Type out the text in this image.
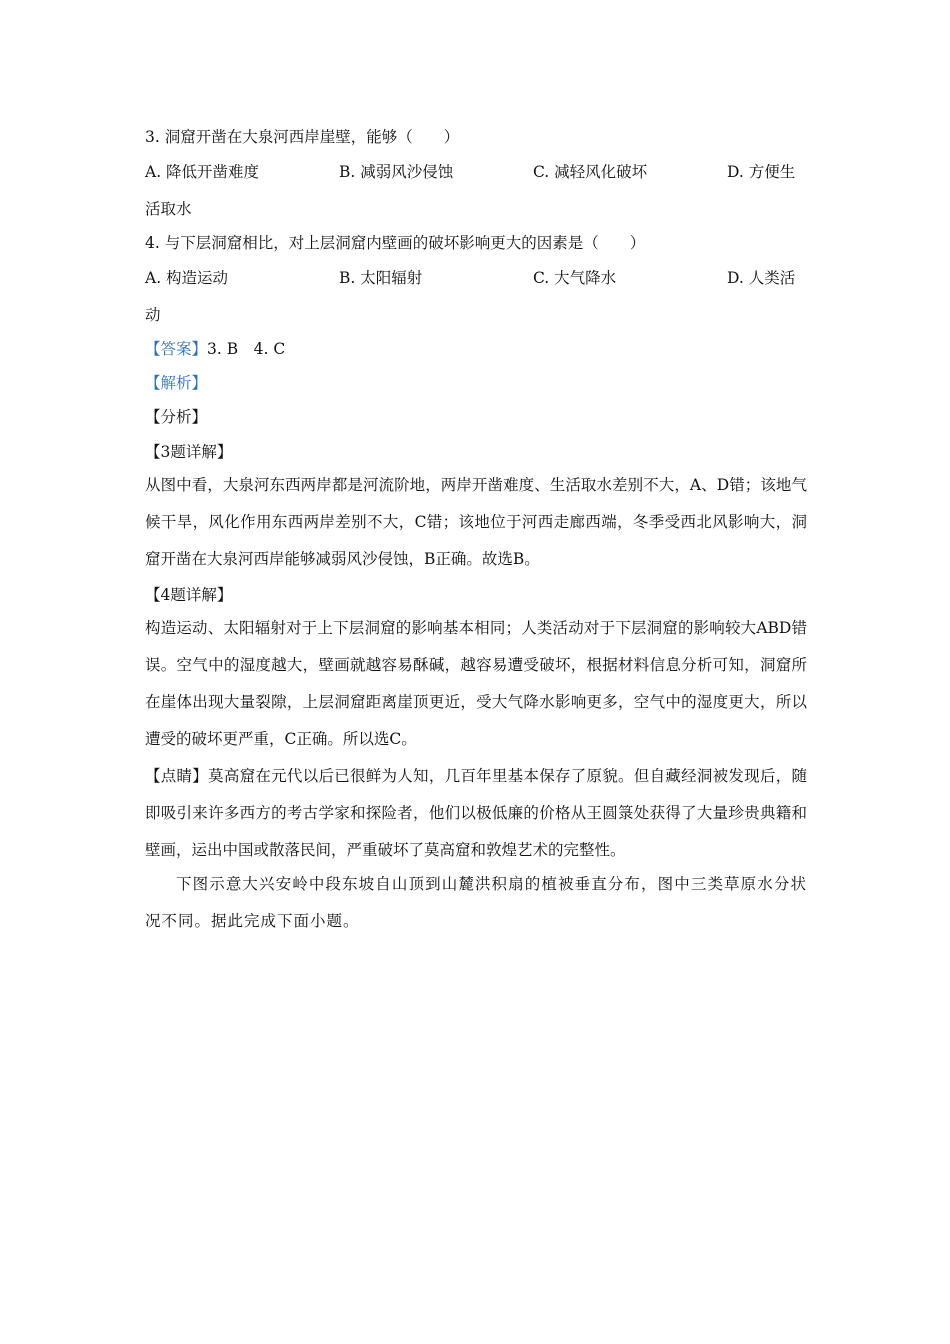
3. 洞窟开凿在大泉河西岸崖壁，能够（　　）
A. 降低开凿难度	B. 减弱风沙侵蚀	C. 减轻风化破坏	D. 方便生
活取水
4. 与下层洞窟相比，对上层洞窟内壁画的破坏影响更大的因素是（　　）
A. 构造运动	B. 太阳辐射	C. 大气降水	D. 人类活
动
【答案】3. B　4. C
【解析】
【分析】
【3题详解】
从图中看，大泉河东西两岸都是河流阶地，两岸开凿难度、生活取水差别不大，A、D错；该地气候干旱，风化作用东西两岸差别不大，C错；该地位于河西走廊西端，冬季受西北风影响大，洞窟开凿在大泉河西岸能够减弱风沙侵蚀，B正确。故选B。
【4题详解】
构造运动、太阳辐射对于上下层洞窟的影响基本相同；人类活动对于下层洞窟的影响较大ABD错误。空气中的湿度越大，壁画就越容易酥碱，越容易遭受破坏，根据材料信息分析可知，洞窟所在崖体出现大量裂隙，上层洞窟距离崖顶更近，受大气降水影响更多，空气中的湿度更大，所以遭受的破坏更严重，C正确。所以选C。
【点睛】莫高窟在元代以后已很鲜为人知，几百年里基本保存了原貌。但自藏经洞被发现后，随即吸引来许多西方的考古学家和探险者，他们以极低廉的价格从王圆箓处获得了大量珍贵典籍和壁画，运出中国或散落民间，严重破坏了莫高窟和敦煌艺术的完整性。
下图示意大兴安岭中段东坡自山顶到山麓洪积扇的植被垂直分布，图中三类草原水分状况不同。据此完成下面小题。
